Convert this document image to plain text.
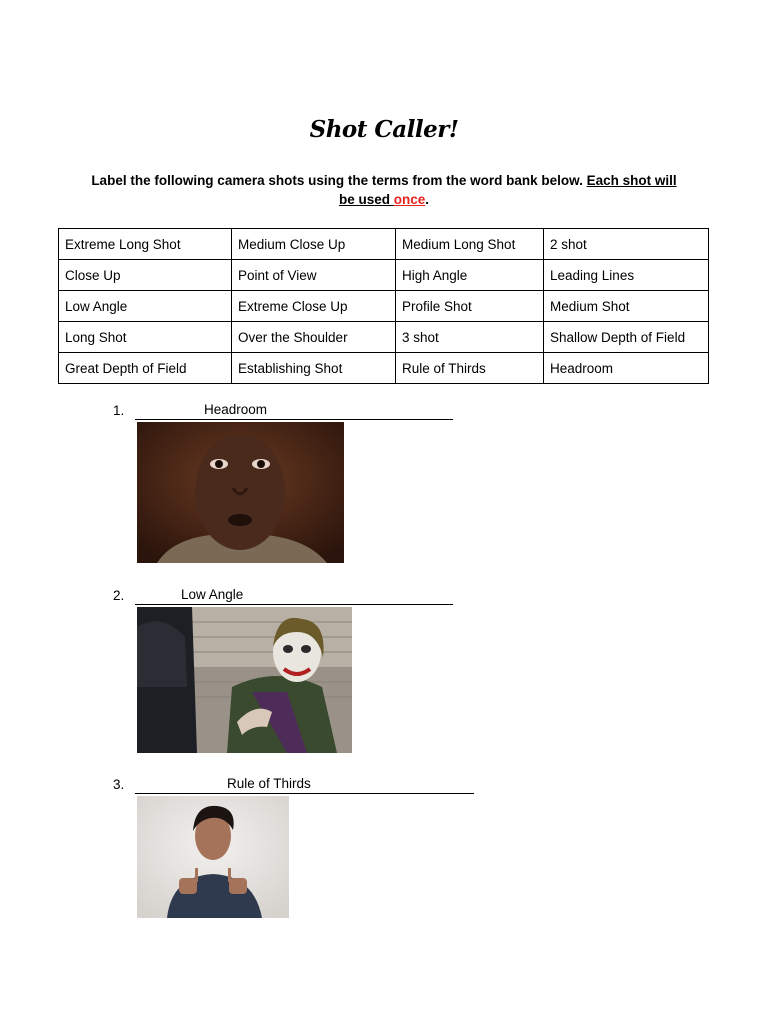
Shot Caller!
Label the following camera shots using the terms from the word bank below. Each shot will be used once.
Extreme Long Shot	Medium Close Up	Medium Long Shot	2 shot
Close Up	Point of View	High Angle	Leading Lines
Low Angle	Extreme Close Up	Profile Shot	Medium Shot
Long Shot	Over the Shoulder	3 shot	Shallow Depth of Field
Great Depth of Field	Establishing Shot	Rule of Thirds	Headroom
1.	Headroom
2.	Low Angle
3.	Rule of Thirds
